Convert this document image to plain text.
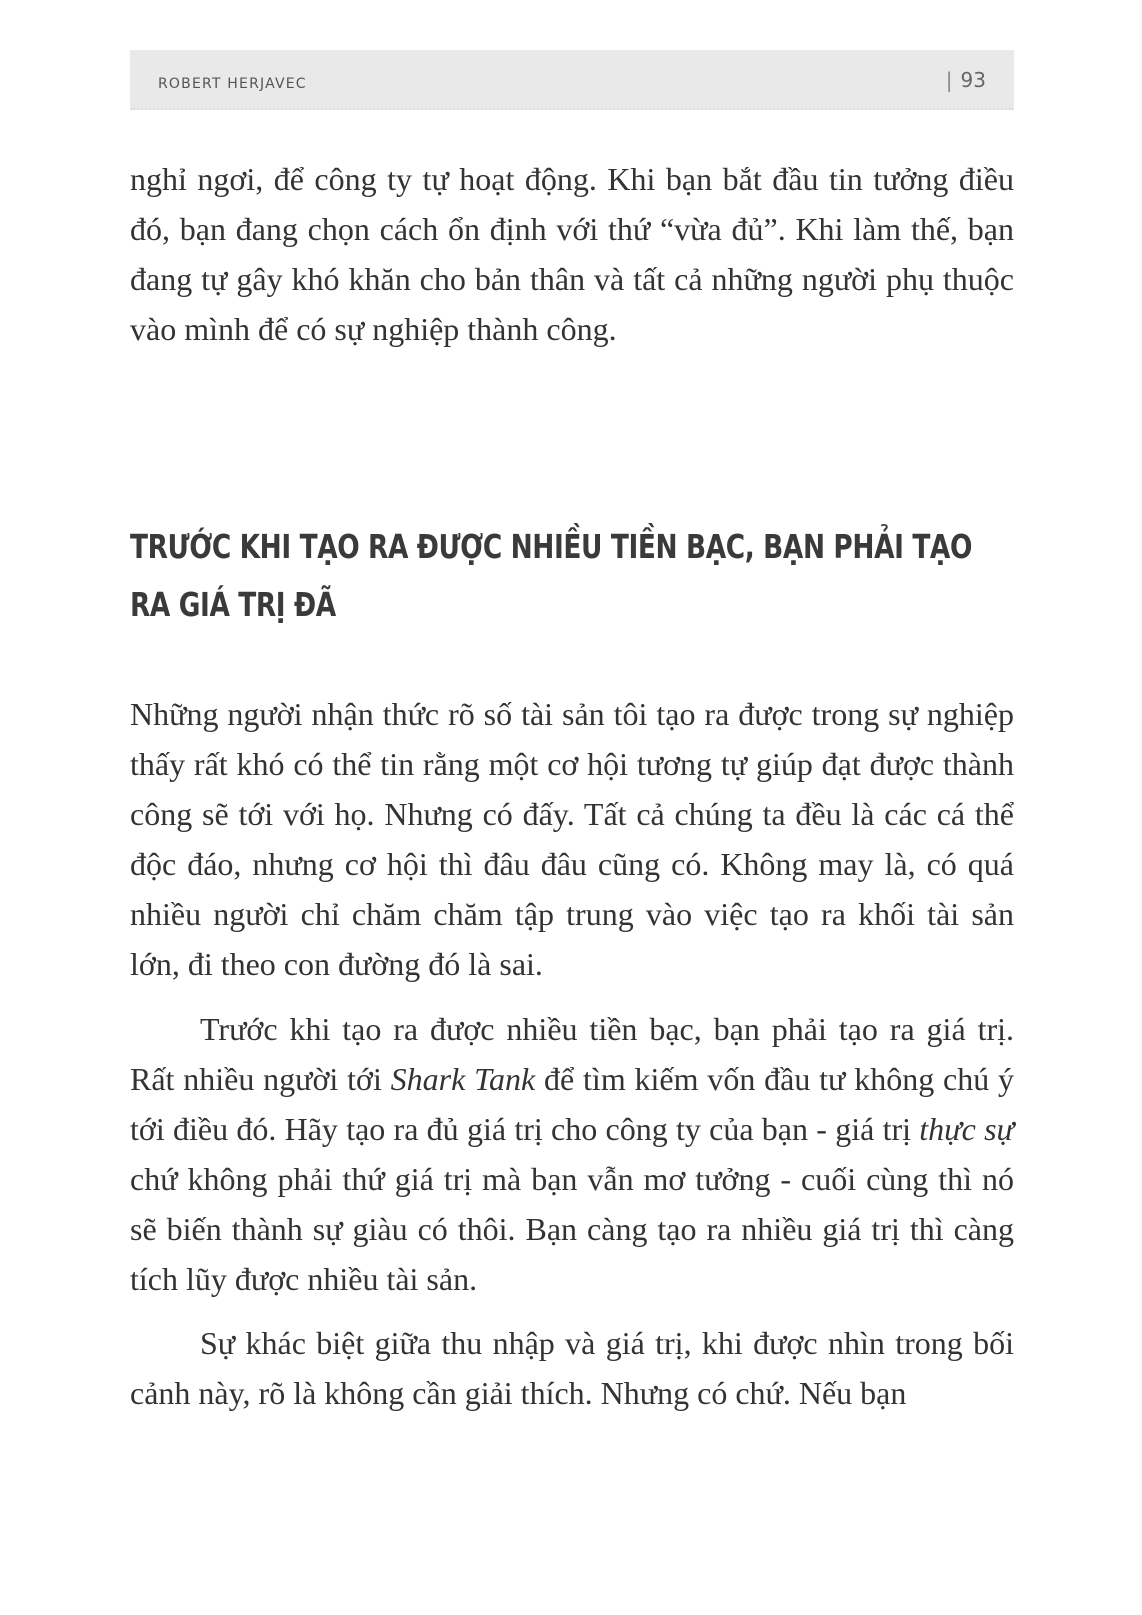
ROBERT HERJAVEC	| 93

nghỉ ngơi, để công ty tự hoạt động. Khi bạn bắt đầu tin tưởng điều đó, bạn đang chọn cách ổn định với thứ “vừa đủ”. Khi làm thế, bạn đang tự gây khó khăn cho bản thân và tất cả những người phụ thuộc vào mình để có sự nghiệp thành công.

TRƯỚC KHI TẠO RA ĐƯỢC NHIỀU TIỀN BẠC, BẠN PHẢI TẠO RA GIÁ TRỊ ĐÃ

Những người nhận thức rõ số tài sản tôi tạo ra được trong sự nghiệp thấy rất khó có thể tin rằng một cơ hội tương tự giúp đạt được thành công sẽ tới với họ. Nhưng có đấy. Tất cả chúng ta đều là các cá thể độc đáo, nhưng cơ hội thì đâu đâu cũng có. Không may là, có quá nhiều người chỉ chăm chăm tập trung vào việc tạo ra khối tài sản lớn, đi theo con đường đó là sai.

Trước khi tạo ra được nhiều tiền bạc, bạn phải tạo ra giá trị. Rất nhiều người tới Shark Tank để tìm kiếm vốn đầu tư không chú ý tới điều đó. Hãy tạo ra đủ giá trị cho công ty của bạn - giá trị thực sự chứ không phải thứ giá trị mà bạn vẫn mơ tưởng - cuối cùng thì nó sẽ biến thành sự giàu có thôi. Bạn càng tạo ra nhiều giá trị thì càng tích lũy được nhiều tài sản.

Sự khác biệt giữa thu nhập và giá trị, khi được nhìn trong bối cảnh này, rõ là không cần giải thích. Nhưng có chứ. Nếu bạn
